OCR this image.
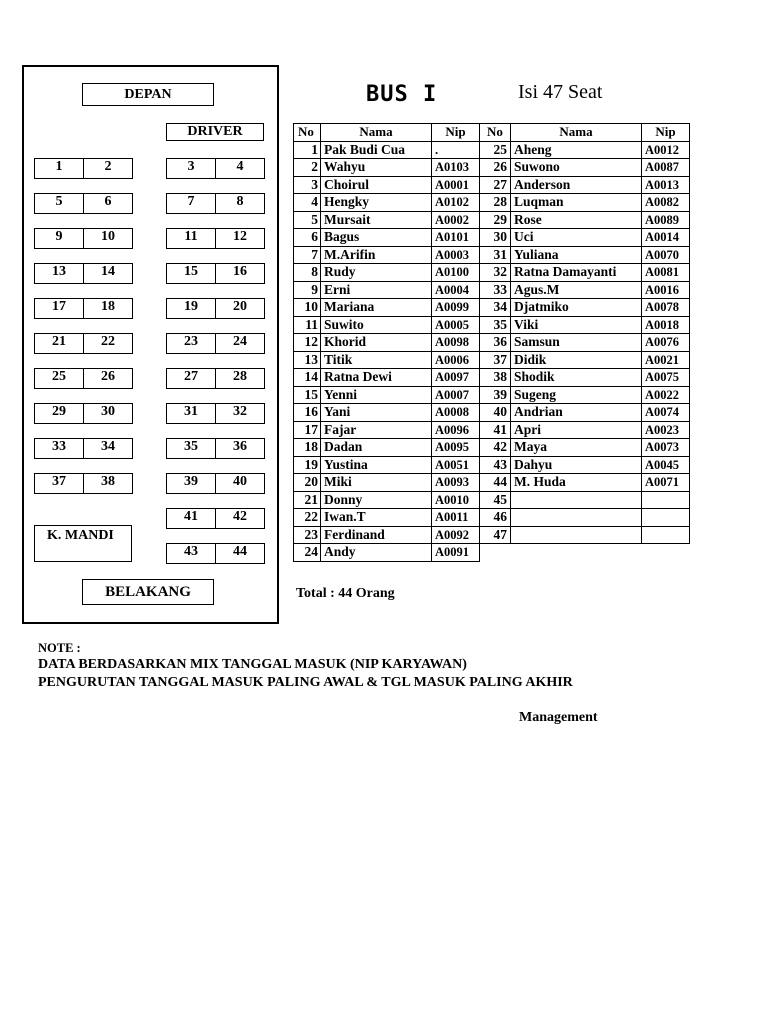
DEPAN
DRIVER
1	2	3	4
5	6	7	8
9	10	11	12
13	14	15	16
17	18	19	20
21	22	23	24
25	26	27	28
29	30	31	32
33	34	35	36
37	38	39	40
41	42
43	44
K. MANDI
BELAKANG
BUS I	Isi 47 Seat
No	Nama	Nip	No	Nama	Nip
1	Pak Budi Cua	.	25	Aheng	A0012
2	Wahyu	A0103	26	Suwono	A0087
3	Choirul	A0001	27	Anderson	A0013
4	Hengky	A0102	28	Luqman	A0082
5	Mursait	A0002	29	Rose	A0089
6	Bagus	A0101	30	Uci	A0014
7	M.Arifin	A0003	31	Yuliana	A0070
8	Rudy	A0100	32	Ratna Damayanti	A0081
9	Erni	A0004	33	Agus.M	A0016
10	Mariana	A0099	34	Djatmiko	A0078
11	Suwito	A0005	35	Viki	A0018
12	Khorid	A0098	36	Samsun	A0076
13	Titik	A0006	37	Didik	A0021
14	Ratna Dewi	A0097	38	Shodik	A0075
15	Yenni	A0007	39	Sugeng	A0022
16	Yani	A0008	40	Andrian	A0074
17	Fajar	A0096	41	Apri	A0023
18	Dadan	A0095	42	Maya	A0073
19	Yustina	A0051	43	Dahyu	A0045
20	Miki	A0093	44	M. Huda	A0071
21	Donny	A0010	45		
22	Iwan.T	A0011	46		
23	Ferdinand	A0092	47		
24	Andy	A0091			
Total : 44 Orang
NOTE :
DATA BERDASARKAN MIX TANGGAL MASUK (NIP KARYAWAN)
PENGURUTAN TANGGAL MASUK PALING AWAL & TGL MASUK PALING AKHIR
Management
